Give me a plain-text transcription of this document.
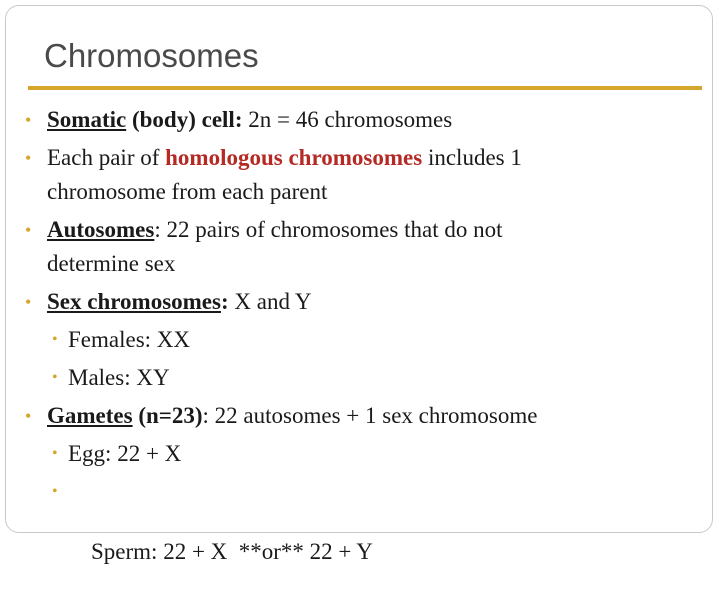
Chromosomes
• Somatic (body) cell: 2n = 46 chromosomes
• Each pair of homologous chromosomes includes 1
chromosome from each parent
• Autosomes: 22 pairs of chromosomes that do not
determine sex
• Sex chromosomes: X and Y
• Females: XX
• Males: XY
• Gametes (n=23): 22 autosomes + 1 sex chromosome
• Egg: 22 + X

•

Sperm: 22 + X  **or** 22 + Y
